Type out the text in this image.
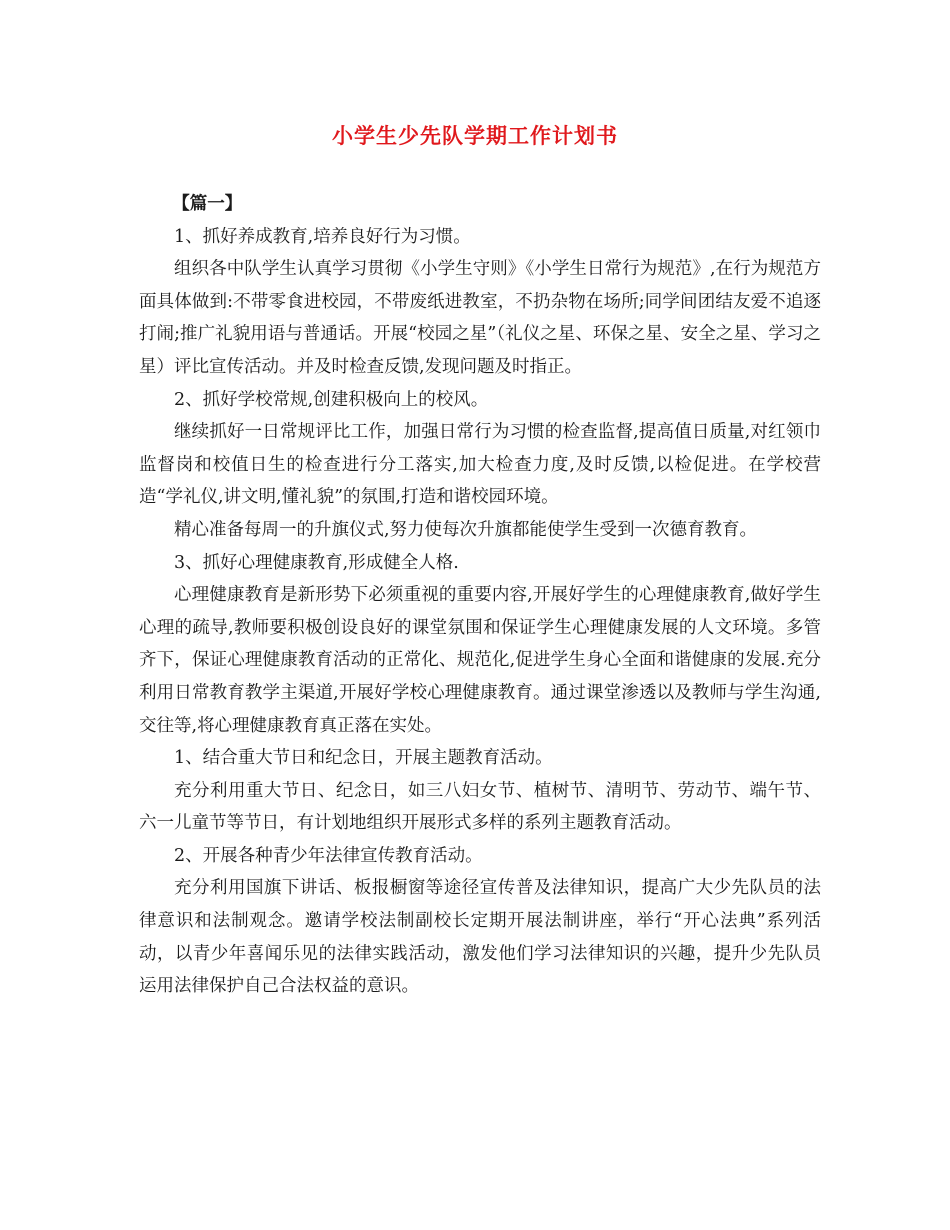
小学生少先队学期工作计划书

【篇一】

1、抓好养成教育,培养良好行为习惯。

组织各中队学生认真学习贯彻《小学生守则》《小学生日常行为规范》,在行为规范方面具体做到:不带零食进校园，不带废纸进教室，不扔杂物在场所;同学间团结友爱不追逐打闹;推广礼貌用语与普通话。开展“校园之星”（礼仪之星、环保之星、安全之星、学习之星）评比宣传活动。并及时检查反馈,发现问题及时指正。

2、抓好学校常规,创建积极向上的校风。

继续抓好一日常规评比工作，加强日常行为习惯的检查监督,提高值日质量,对红领巾监督岗和校值日生的检查进行分工落实,加大检查力度,及时反馈,以检促进。在学校营造“学礼仪,讲文明,懂礼貌”的氛围,打造和谐校园环境。

精心准备每周一的升旗仪式,努力使每次升旗都能使学生受到一次德育教育。

3、抓好心理健康教育,形成健全人格.

心理健康教育是新形势下必须重视的重要内容,开展好学生的心理健康教育,做好学生心理的疏导,教师要积极创设良好的课堂氛围和保证学生心理健康发展的人文环境。多管齐下，保证心理健康教育活动的正常化、规范化,促进学生身心全面和谐健康的发展.充分利用日常教育教学主渠道,开展好学校心理健康教育。通过课堂渗透以及教师与学生沟通,交往等,将心理健康教育真正落在实处。

1、结合重大节日和纪念日，开展主题教育活动。

充分利用重大节日、纪念日，如三八妇女节、植树节、清明节、劳动节、端午节、六一儿童节等节日，有计划地组织开展形式多样的系列主题教育活动。

2、开展各种青少年法律宣传教育活动。

充分利用国旗下讲话、板报橱窗等途径宣传普及法律知识，提高广大少先队员的法律意识和法制观念。邀请学校法制副校长定期开展法制讲座，举行“开心法典”系列活动，以青少年喜闻乐见的法律实践活动，激发他们学习法律知识的兴趣，提升少先队员运用法律保护自己合法权益的意识。
